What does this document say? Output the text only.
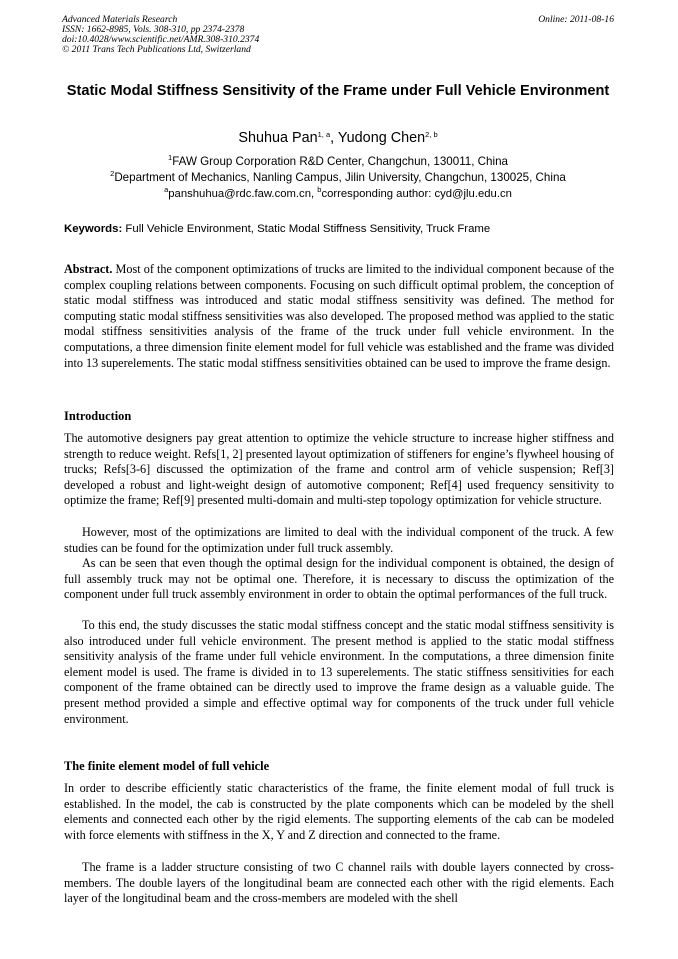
Advanced Materials Research
ISSN: 1662-8985, Vols. 308-310, pp 2374-2378
doi:10.4028/www.scientific.net/AMR.308-310.2374
© 2011 Trans Tech Publications Ltd, Switzerland
Online: 2011-08-16
Static Modal Stiffness Sensitivity of the Frame under Full Vehicle Environment
Shuhua Pan$^{1, a}$, Yudong Chen$^{2, b}$
$^1$FAW Group Corporation R&D Center, Changchun, 130011, China
$^2$Department of Mechanics, Nanling Campus, Jilin University, Changchun, 130025, China
$^a$panshuhua@rdc.faw.com.cn, $^b$corresponding author: cyd@jlu.edu.cn
Keywords: Full Vehicle Environment, Static Modal Stiffness Sensitivity, Truck Frame
Abstract. Most of the component optimizations of trucks are limited to the individual component because of the complex coupling relations between components. Focusing on such difficult optimal problem, the conception of static modal stiffness was introduced and static modal stiffness sensitivity was defined. The method for computing static modal stiffness sensitivities was also developed. The proposed method was applied to the static modal stiffness sensitivities analysis of the frame of the truck under full vehicle environment. In the computations, a three dimension finite element model for full vehicle was established and the frame was divided into 13 superelements. The static modal stiffness sensitivities obtained can be used to improve the frame design.
Introduction
The automotive designers pay great attention to optimize the vehicle structure to increase higher stiffness and strength to reduce weight. Refs[1, 2] presented layout optimization of stiffeners for engine’s flywheel housing of trucks; Refs[3-6] discussed the optimization of the frame and control arm of vehicle suspension; Ref[3] developed a robust and light-weight design of automotive component; Ref[4] used frequency sensitivity to optimize the frame; Ref[9] presented multi-domain and multi-step topology optimization for vehicle structure.
However, most of the optimizations are limited to deal with the individual component of the truck. A few studies can be found for the optimization under full truck assembly.
As can be seen that even though the optimal design for the individual component is obtained, the design of full assembly truck may not be optimal one. Therefore, it is necessary to discuss the optimization of the component under full truck assembly environment in order to obtain the optimal performances of the full truck.
To this end, the study discusses the static modal stiffness concept and the static modal stiffness sensitivity is also introduced under full vehicle environment. The present method is applied to the static modal stiffness sensitivity analysis of the frame under full vehicle environment. In the computations, a three dimension finite element model is used. The frame is divided in to 13 superelements. The static stiffness sensitivities for each component of the frame obtained can be directly used to improve the frame design as a valuable guide. The present method provided a simple and effective optimal way for components of the truck under full vehicle environment.
The finite element model of full vehicle
In order to describe efficiently static characteristics of the frame, the finite element modal of full truck is established. In the model, the cab is constructed by the plate components which can be modeled by the shell elements and connected each other by the rigid elements. The supporting elements of the cab can be modeled with force elements with stiffness in the X, Y and Z direction and connected to the frame.
The frame is a ladder structure consisting of two C channel rails with double layers connected by cross-members. The double layers of the longitudinal beam are connected each other with the rigid elements. Each layer of the longitudinal beam and the cross-members are modeled with the shell
